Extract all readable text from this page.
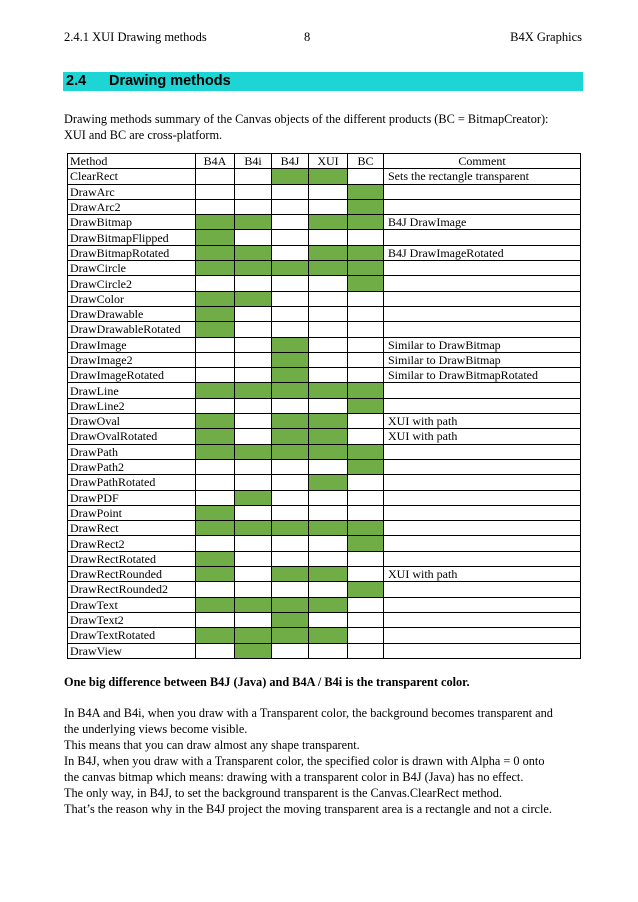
2.4.1 XUI Drawing methods	8	B4X Graphics
2.4 Drawing methods
Drawing methods summary of the Canvas objects of the different products (BC = BitmapCreator):
XUI and BC are cross-platform.
Method	B4A	B4i	B4J	XUI	BC	Comment
ClearRect						Sets the rectangle transparent
DrawArc						
DrawArc2						
DrawBitmap						B4J DrawImage
DrawBitmapFlipped						
DrawBitmapRotated						B4J DrawImageRotated
DrawCircle						
DrawCircle2						
DrawColor						
DrawDrawable						
DrawDrawableRotated						
DrawImage						Similar to DrawBitmap
DrawImage2						Similar to DrawBitmap
DrawImageRotated						Similar to DrawBitmapRotated
DrawLine						
DrawLine2						
DrawOval						XUI with path
DrawOvalRotated						XUI with path
DrawPath						
DrawPath2						
DrawPathRotated						
DrawPDF						
DrawPoint						
DrawRect						
DrawRect2						
DrawRectRotated						
DrawRectRounded						XUI with path
DrawRectRounded2						
DrawText						
DrawText2						
DrawTextRotated						
DrawView						
One big difference between B4J (Java) and B4A / B4i is the transparent color.
In B4A and B4i, when you draw with a Transparent color, the background becomes transparent and
the underlying views become visible.
This means that you can draw almost any shape transparent.
In B4J, when you draw with a Transparent color, the specified color is drawn with Alpha = 0 onto
the canvas bitmap which means: drawing with a transparent color in B4J (Java) has no effect.
The only way, in B4J, to set the background transparent is the Canvas.ClearRect method.
That’s the reason why in the B4J project the moving transparent area is a rectangle and not a circle.
